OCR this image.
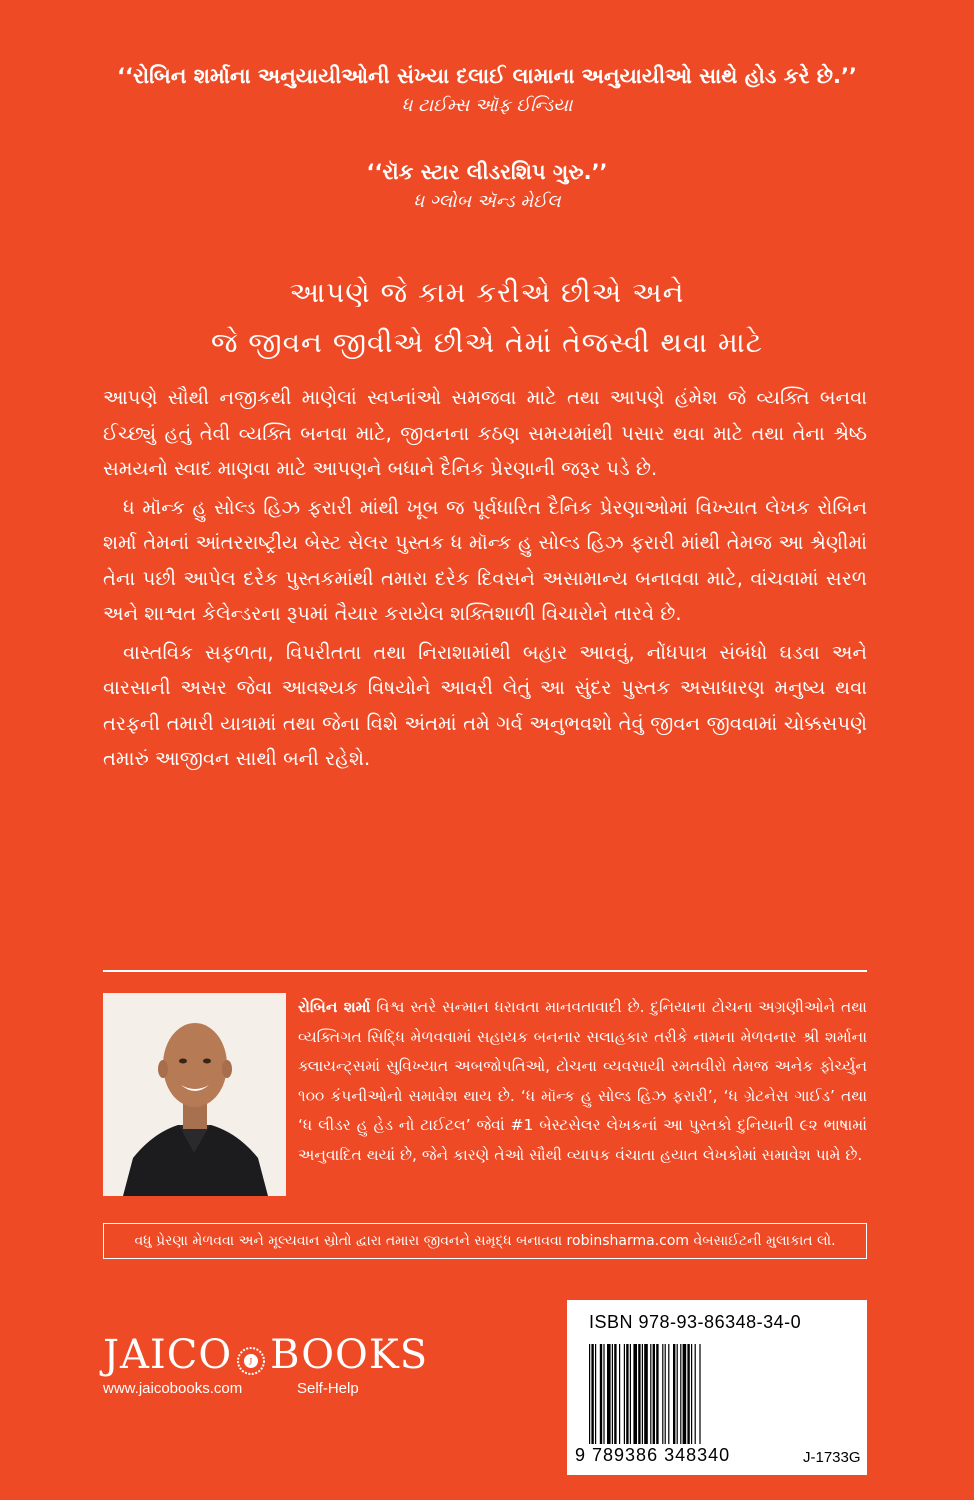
‘‘રોબિન શર્માના અનુયાયીઓની સંખ્યા દલાઈ લામાના અનુયાયીઓ સાથે હોડ કરે છે.’’
ધ ટાઈમ્સ ઑફ ઈન્ડિયા
‘‘રૉક સ્ટાર લીડરશિપ ગુરુ.’’
ધ ગ્લોબ ઍન્ડ મેઈલ
આપણે જે કામ કરીએ છીએ અને
જે જીવન જીવીએ છીએ તેમાં તેજસ્વી થવા માટે

આપણે સૌથી નજીકથી માણેલાં સ્વપ્નાંઓ સમજવા માટે તથા આપણે હંમેશ જે વ્યક્તિ બનવા ઈચ્છ્યું હતું તેવી વ્યક્તિ બનવા માટે, જીવનના કઠણ સમયમાંથી પસાર થવા માટે તથા તેના શ્રેષ્ઠ સમયનો સ્વાદ માણવા માટે આપણને બધાને દૈનિક પ્રેરણાની જરૂર પડે છે.

ધ મૉન્ક હુ સોલ્ડ હિઝ ફરારી માંથી ખૂબ જ પૂર્વધારિત દૈનિક પ્રેરણાઓમાં વિખ્યાત લેખક રોબિન શર્મા તેમનાં આંતરરાષ્ટ્રીય બેસ્ટ સેલર પુસ્તક ધ મૉન્ક હુ સોલ્ડ હિઝ ફરારી માંથી તેમજ આ શ્રેણીમાં તેના પછી આપેલ દરેક પુસ્તકમાંથી તમારા દરેક દિવસને અસામાન્ય બનાવવા માટે, વાંચવામાં સરળ અને શાશ્વત કેલેન્ડરના રૂપમાં તૈયાર કરાયેલ શક્તિશાળી વિચારોને તારવે છે.

વાસ્તવિક સફળતા, વિપરીતતા તથા નિરાશામાંથી બહાર આવવું, નોંધપાત્ર સંબંધો ઘડવા અને વારસાની અસર જેવા આવશ્યક વિષયોને આવરી લેતું આ સુંદર પુસ્તક અસાધારણ મનુષ્ય થવા તરફની તમારી યાત્રામાં તથા જેના વિશે અંતમાં તમે ગર્વ અનુભવશો તેવું જીવન જીવવામાં ચોક્કસપણે તમારું આજીવન સાથી બની રહેશે.

રોબિન શર્મા વિશ્વ સ્તરે સન્માન ધરાવતા માનવતાવાદી છે. દુનિયાના ટોચના અગ્રણીઓને તથા વ્યક્તિગત સિદ્ધિ મેળવવામાં સહાયક બનનાર સલાહકાર તરીકે નામના મેળવનાર શ્રી શર્માના ક્લાયન્ટ્સમાં સુવિખ્યાત અબજોપતિઓ, ટોચના વ્યવસાયી રમતવીરો તેમજ અનેક ફોર્ચ્યુન ૧૦૦ કંપનીઓનો સમાવેશ થાય છે. ‘ધ મૉન્ક હુ સોલ્ડ હિઝ ફરારી’, ‘ધ ગ્રેટનેસ ગાઈડ’ તથા ‘ધ લીડર હુ હેડ નો ટાઈટલ’ જેવાં #1 બેસ્ટસેલર લેખકનાં આ પુસ્તકો દુનિયાની ૯૨ ભાષામાં અનુવાદિત થયાં છે, જેને કારણે તેઓ સૌથી વ્યાપક વંચાતા હયાત લેખકોમાં સમાવેશ પામે છે.
વધુ પ્રેરણા મેળવવા અને મૂલ્યવાન સ્રોતો દ્વારા તમારા જીવનને સમૃદ્ધ બનાવવા robinsharma.com વેબસાઈટની મુલાકાત લો.
JAICO J BOOKS
www.jaicobooks.com	Self-Help
ISBN 978-93-86348-34-0
9 789386 348340	J-1733G
